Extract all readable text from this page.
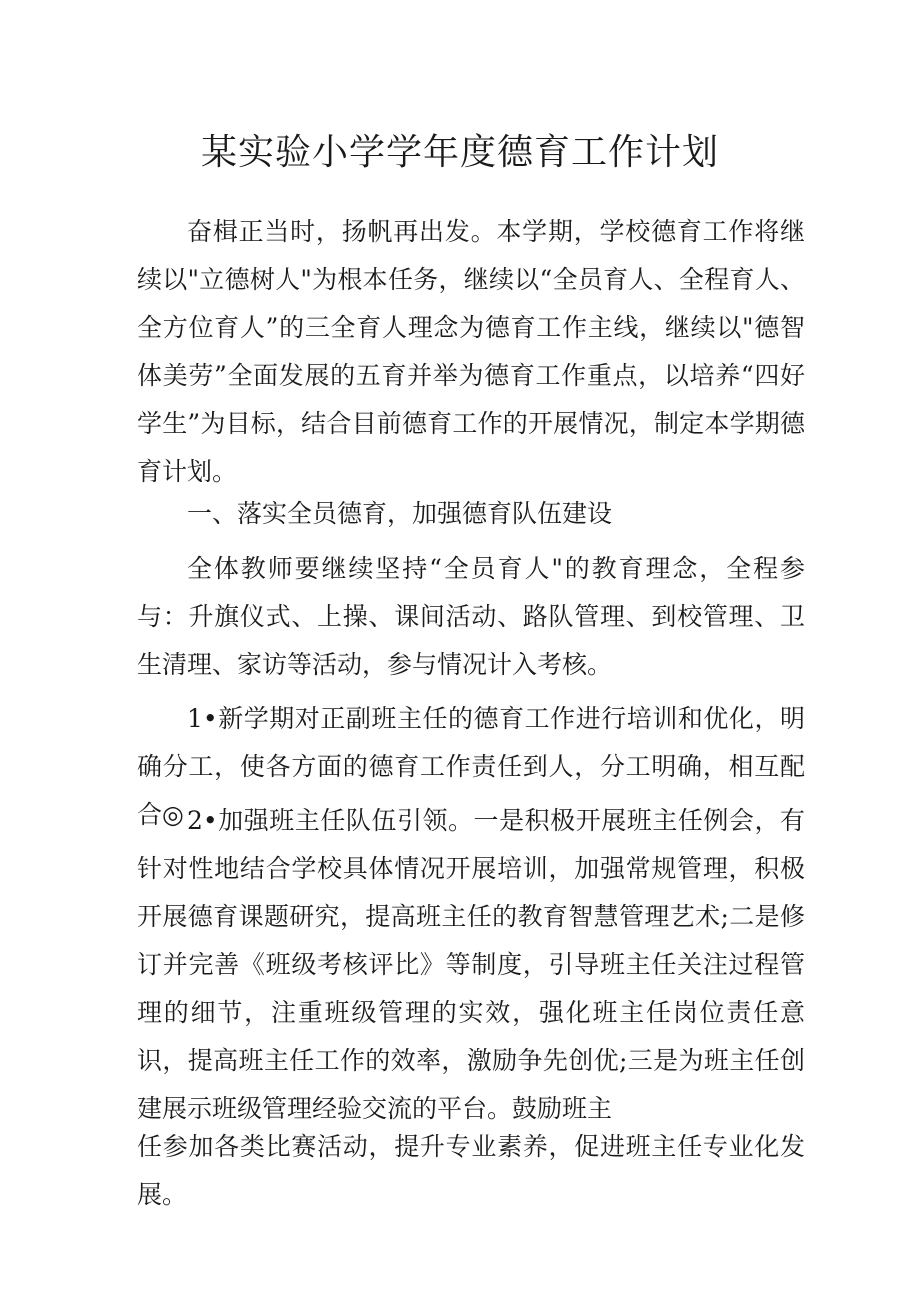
某实验小学学年度德育工作计划

奋楫正当时，扬帆再出发。本学期，学校德育工作将继续以"立德树人"为根本任务，继续以“全员育人、全程育人、全方位育人”的三全育人理念为德育工作主线，继续以"德智体美劳”全面发展的五育并举为德育工作重点，以培养“四好学生”为目标，结合目前德育工作的开展情况，制定本学期德育计划。

一、落实全员德育，加强德育队伍建设

全体教师要继续坚持“全员育人"的教育理念，全程参与：升旗仪式、上操、课间活动、路队管理、到校管理、卫生清理、家访等活动，参与情况计入考核。

1•新学期对正副班主任的德育工作进行培训和优化，明确分工，使各方面的德育工作责任到人，分工明确，相互配合◎ 2•加强班主任队伍引领。一是积极开展班主任例会，有针对性地结合学校具体情况开展培训，加强常规管理，积极开展德育课题研究，提高班主任的教育智慧管理艺术;二是修订并完善《班级考核评比》等制度，引导班主任关注过程管理的细节，注重班级管理的实效，强化班主任岗位责任意识，提高班主任工作的效率，激励争先创优;三是为班主任创建展示班级管理经验交流的平台。鼓励班主

任参加各类比赛活动，提升专业素养，促进班主任专业化发展。
